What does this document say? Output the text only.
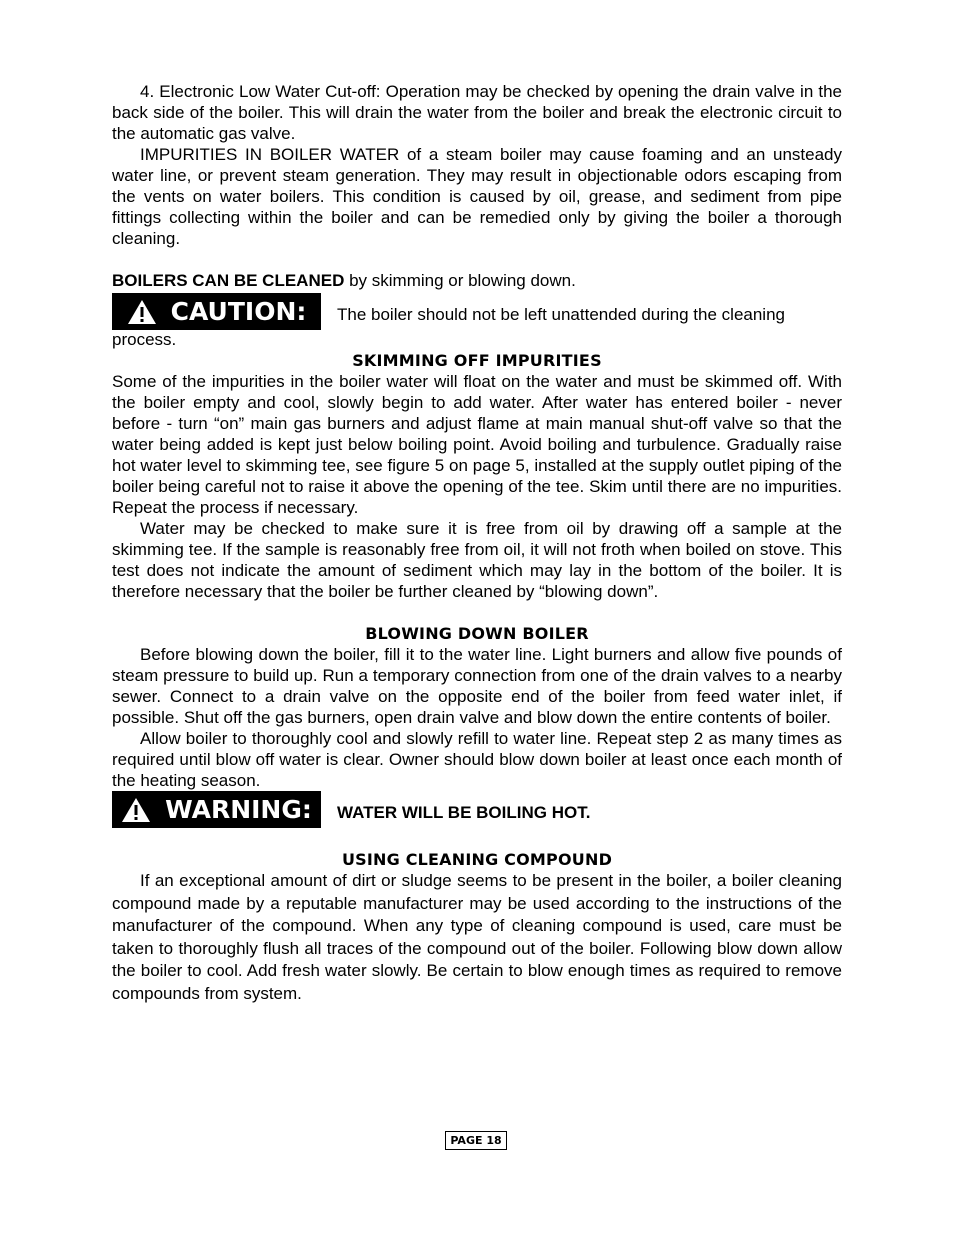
4. Electronic Low Water Cut-off: Operation may be checked by opening the drain valve in the back side of the boiler. This will drain the water from the boiler and break the electronic circuit to the automatic gas valve.

IMPURITIES IN BOILER WATER of a steam boiler may cause foaming and an unsteady water line, or prevent steam generation. They may result in objectionable odors escaping from the vents on water boilers. This condition is caused by oil, grease, and sediment from pipe fittings collecting within the boiler and can be remedied only by giving the boiler a thorough cleaning.

BOILERS CAN BE CLEANED by skimming or blowing down.

CAUTION: The boiler should not be left unattended during the cleaning

process.

SKIMMING OFF IMPURITIES

Some of the impurities in the boiler water will float on the water and must be skimmed off. With the boiler empty and cool, slowly begin to add water. After water has entered boiler - never before - turn “on” main gas burners and adjust flame at main manual shut-off valve so that the water being added is kept just below boiling point. Avoid boiling and turbulence. Gradually raise hot water level to skimming tee, see figure 5 on page 5, installed at the supply outlet piping of the boiler being careful not to raise it above the opening of the tee. Skim until there are no impurities. Repeat the process if necessary.

Water may be checked to make sure it is free from oil by drawing off a sample at the skimming tee. If the sample is reasonably free from oil, it will not froth when boiled on stove. This test does not indicate the amount of sediment which may lay in the bottom of the boiler. It is therefore necessary that the boiler be further cleaned by “blowing down”.

BLOWING DOWN BOILER

Before blowing down the boiler, fill it to the water line. Light burners and allow five pounds of steam pressure to build up. Run a temporary connection from one of the drain valves to a nearby sewer. Connect to a drain valve on the opposite end of the boiler from feed water inlet, if possible. Shut off the gas burners, open drain valve and blow down the entire contents of boiler.

Allow boiler to thoroughly cool and slowly refill to water line. Repeat step 2 as many times as required until blow off water is clear. Owner should blow down boiler at least once each month of the heating season.

WARNING: WATER WILL BE BOILING HOT.
USING CLEANING COMPOUND

If an exceptional amount of dirt or sludge seems to be present in the boiler, a boiler cleaning compound made by a reputable manufacturer may be used according to the instructions of the manufacturer of the compound. When any type of cleaning compound is used, care must be taken to thoroughly flush all traces of the compound out of the boiler. Following blow down allow the boiler to cool. Add fresh water slowly. Be certain to blow enough times as required to remove compounds from system.

PAGE 18
